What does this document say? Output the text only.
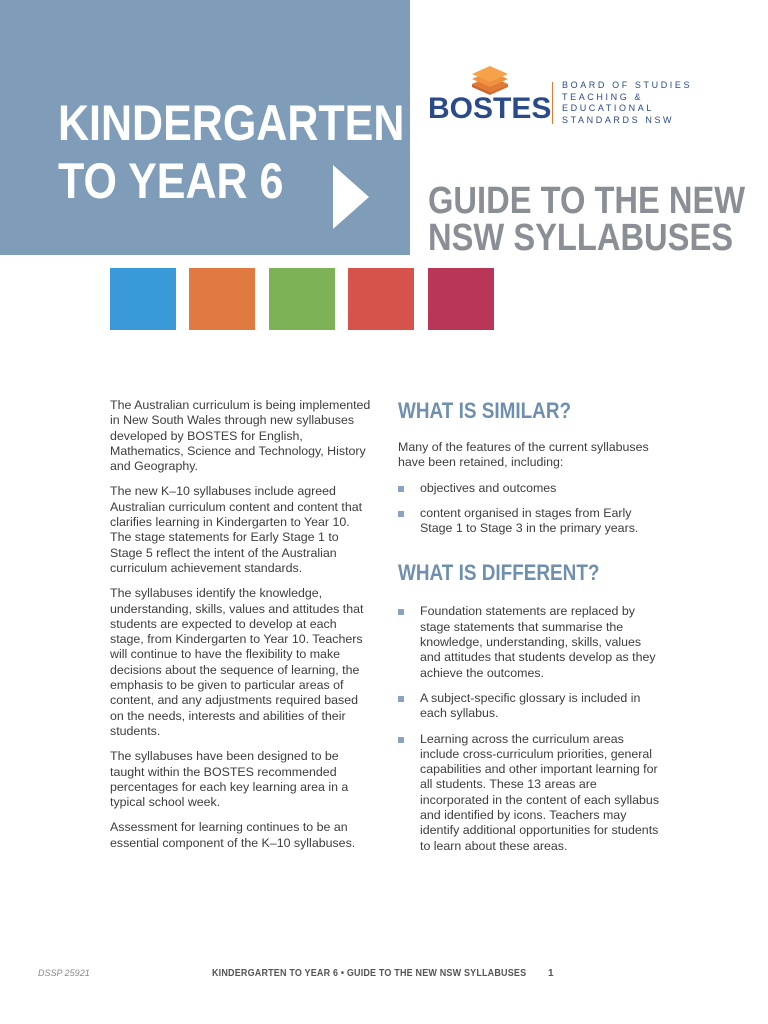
KINDERGARTEN
TO YEAR 6
BOSTES
BOARD OF STUDIES
TEACHING &
EDUCATIONAL
STANDARDS NSW
GUIDE TO THE NEW
NSW SYLLABUSES

The Australian curriculum is being implemented in New South Wales through new syllabuses developed by BOSTES for English, Mathematics, Science and Technology, History and Geography.

The new K–10 syllabuses include agreed Australian curriculum content and content that clarifies learning in Kindergarten to Year 10. The stage statements for Early Stage 1 to Stage 5 reflect the intent of the Australian curriculum achievement standards.

The syllabuses identify the knowledge, understanding, skills, values and attitudes that students are expected to develop at each stage, from Kindergarten to Year 10. Teachers will continue to have the flexibility to make decisions about the sequence of learning, the emphasis to be given to particular areas of content, and any adjustments required based on the needs, interests and abilities of their students.

The syllabuses have been designed to be taught within the BOSTES recommended percentages for each key learning area in a typical school week.

Assessment for learning continues to be an essential component of the K–10 syllabuses.

WHAT IS SIMILAR?

Many of the features of the current syllabuses have been retained, including:

objectives and outcomes
content organised in stages from Early Stage 1 to Stage 3 in the primary years.
WHAT IS DIFFERENT?
Foundation statements are replaced by stage statements that summarise the knowledge, understanding, skills, values and attitudes that students develop as they achieve the outcomes.
A subject-specific glossary is included in each syllabus.
Learning across the curriculum areas include cross-curriculum priorities, general capabilities and other important learning for all students. These 13 areas are incorporated in the content of each syllabus and identified by icons. Teachers may identify additional opportunities for students to learn about these areas.
DSSP 25921	KINDERGARTEN TO YEAR 6 • GUIDE TO THE NEW NSW SYLLABUSES 1
